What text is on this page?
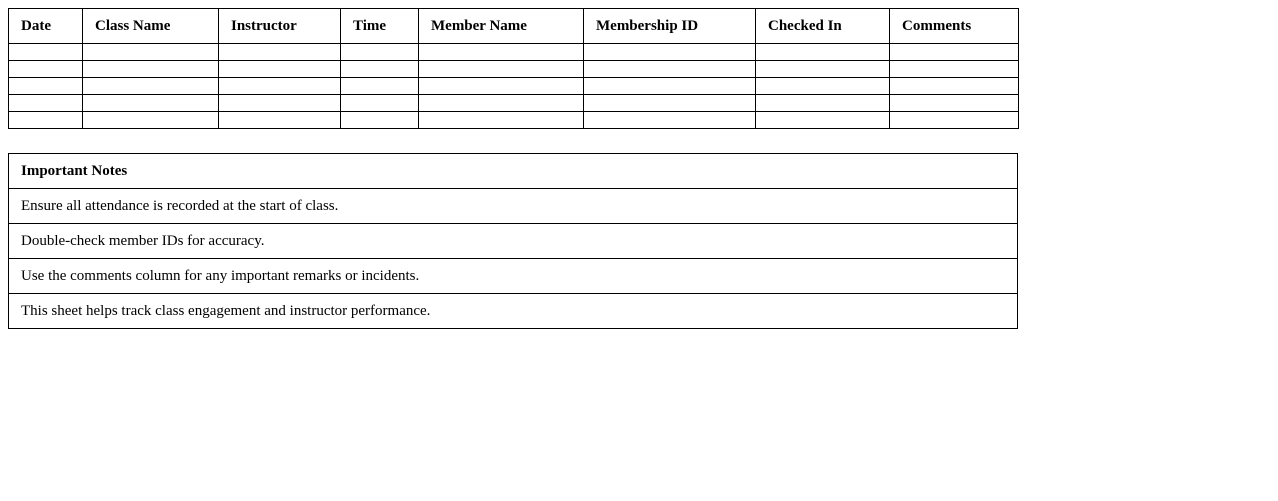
Date	Class Name	Instructor	Time	Member Name	Membership ID	Checked In	Comments

Important Notes
Ensure all attendance is recorded at the start of class.
Double-check member IDs for accuracy.
Use the comments column for any important remarks or incidents.
This sheet helps track class engagement and instructor performance.
